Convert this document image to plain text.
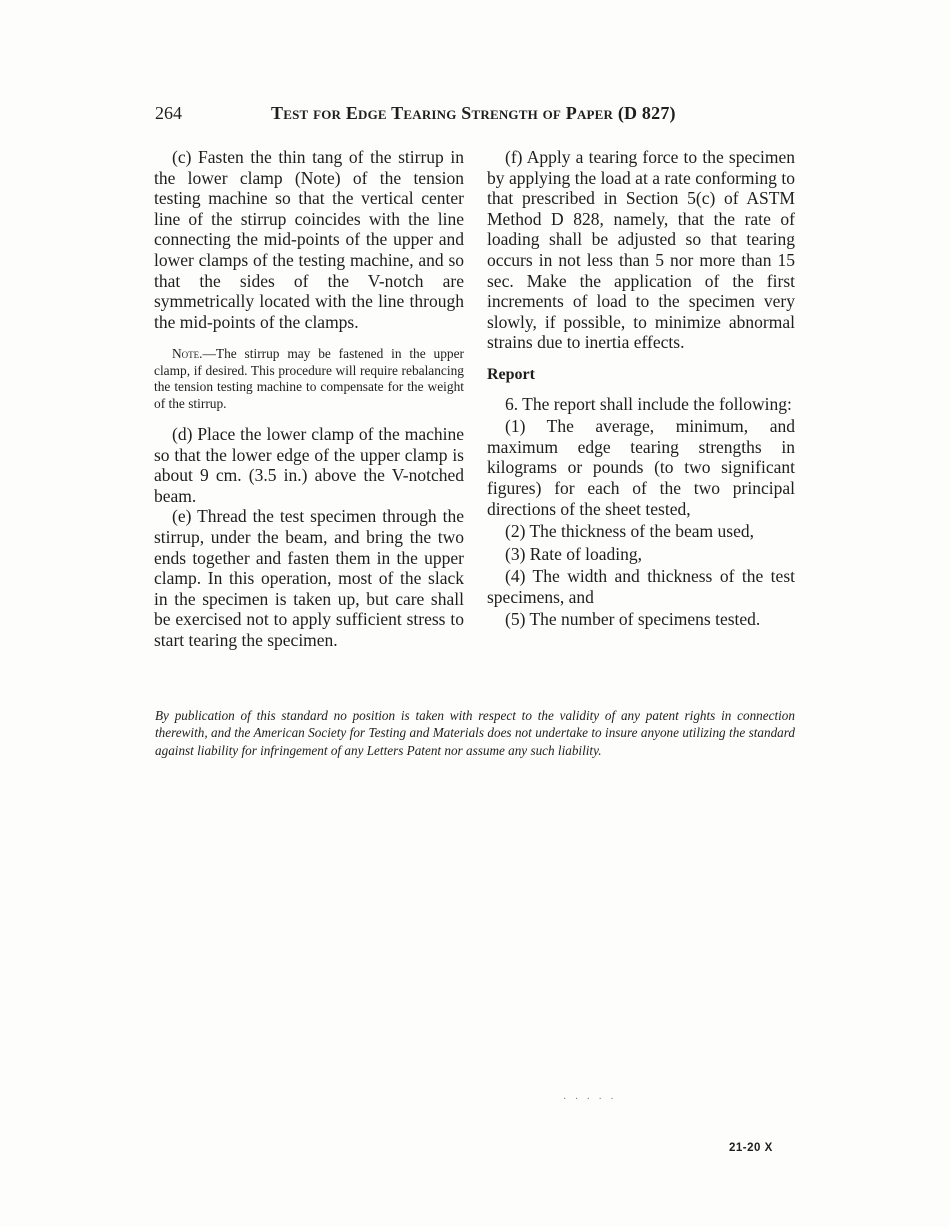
264	Test for Edge Tearing Strength of Paper (D 827)

(c) Fasten the thin tang of the stirrup in the lower clamp (Note) of the tension testing machine so that the vertical center line of the stirrup coincides with the line connecting the mid-points of the upper and lower clamps of the testing machine, and so that the sides of the V-notch are symmetrically located with the line through the mid-points of the clamps.

Note.—The stirrup may be fastened in the upper clamp, if desired. This procedure will require rebalancing the tension testing machine to compensate for the weight of the stirrup.

(d) Place the lower clamp of the machine so that the lower edge of the upper clamp is about 9 cm. (3.5 in.) above the V-notched beam.

(e) Thread the test specimen through the stirrup, under the beam, and bring the two ends together and fasten them in the upper clamp. In this operation, most of the slack in the specimen is taken up, but care shall be exercised not to apply sufficient stress to start tearing the specimen.

(f) Apply a tearing force to the specimen by applying the load at a rate conforming to that prescribed in Section 5(c) of ASTM Method D 828, namely, that the rate of loading shall be adjusted so that tearing occurs in not less than 5 nor more than 15 sec. Make the application of the first increments of load to the specimen very slowly, if possible, to minimize abnormal strains due to inertia effects.

Report

6. The report shall include the following:

(1) The average, minimum, and maximum edge tearing strengths in kilograms or pounds (to two significant figures) for each of the two principal directions of the sheet tested,

(2) The thickness of the beam used,

(3) Rate of loading,

(4) The width and thickness of the test specimens, and

(5) The number of specimens tested.

By publication of this standard no position is taken with respect to the validity of any patent rights in connection therewith, and the American Society for Testing and Materials does not undertake to insure anyone utilizing the standard against liability for infringement of any Letters Patent nor assume any such liability.
· · · · ·
21-20 X
